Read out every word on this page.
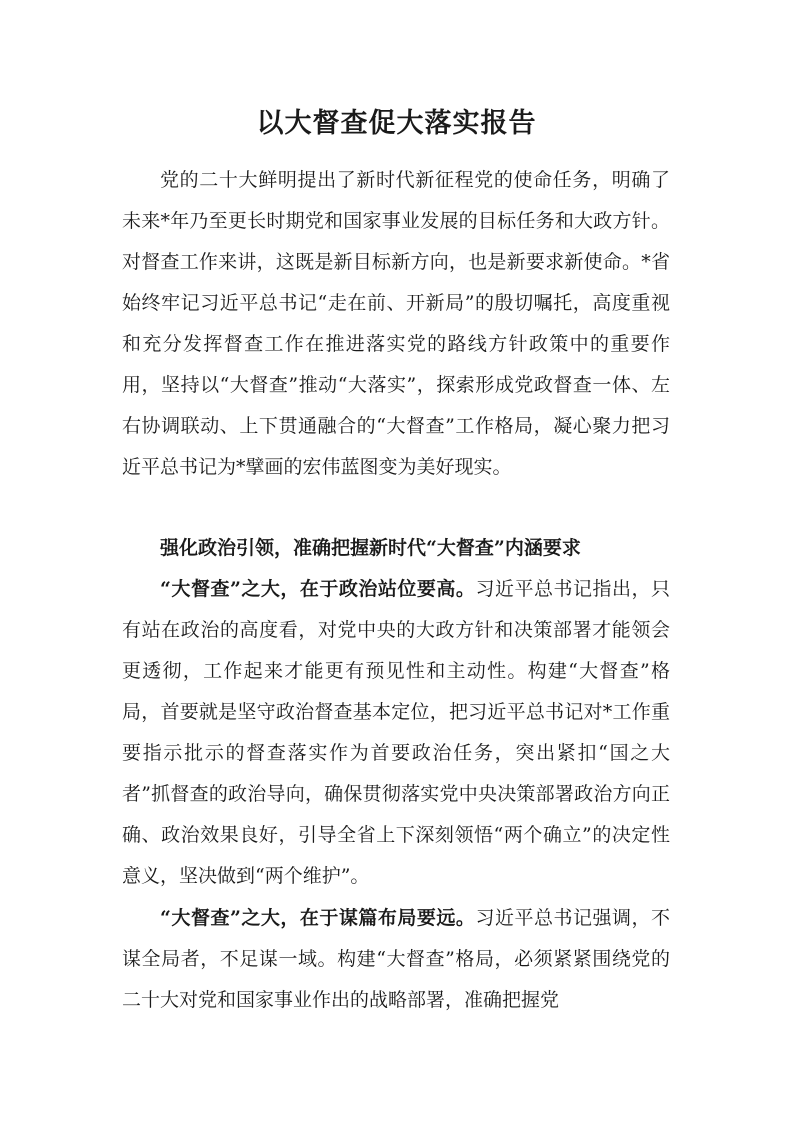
以大督查促大落实报告
党的二十大鲜明提出了新时代新征程党的使命任务，明确了未来*年乃至更长时期党和国家事业发展的目标任务和大政方针。对督查工作来讲，这既是新目标新方向，也是新要求新使命。*省始终牢记习近平总书记“走在前、开新局”的殷切嘱托，高度重视和充分发挥督查工作在推进落实党的路线方针政策中的重要作用，坚持以“大督查”推动“大落实”，探索形成党政督查一体、左右协调联动、上下贯通融合的“大督查”工作格局，凝心聚力把习近平总书记为*擘画的宏伟蓝图变为美好现实。
强化政治引领，准确把握新时代“大督查”内涵要求
“大督查”之大，在于政治站位要高。习近平总书记指出，只有站在政治的高度看，对党中央的大政方针和决策部署才能领会更透彻，工作起来才能更有预见性和主动性。构建“大督查”格局，首要就是坚守政治督查基本定位，把习近平总书记对*工作重要指示批示的督查落实作为首要政治任务，突出紧扣“国之大者”抓督查的政治导向，确保贯彻落实党中央决策部署政治方向正确、政治效果良好，引导全省上下深刻领悟“两个确立”的决定性意义，坚决做到“两个维护”。
“大督查”之大，在于谋篇布局要远。习近平总书记强调，不谋全局者，不足谋一域。构建“大督查”格局，必须紧紧围绕党的二十大对党和国家事业作出的战略部署，准确把握党
